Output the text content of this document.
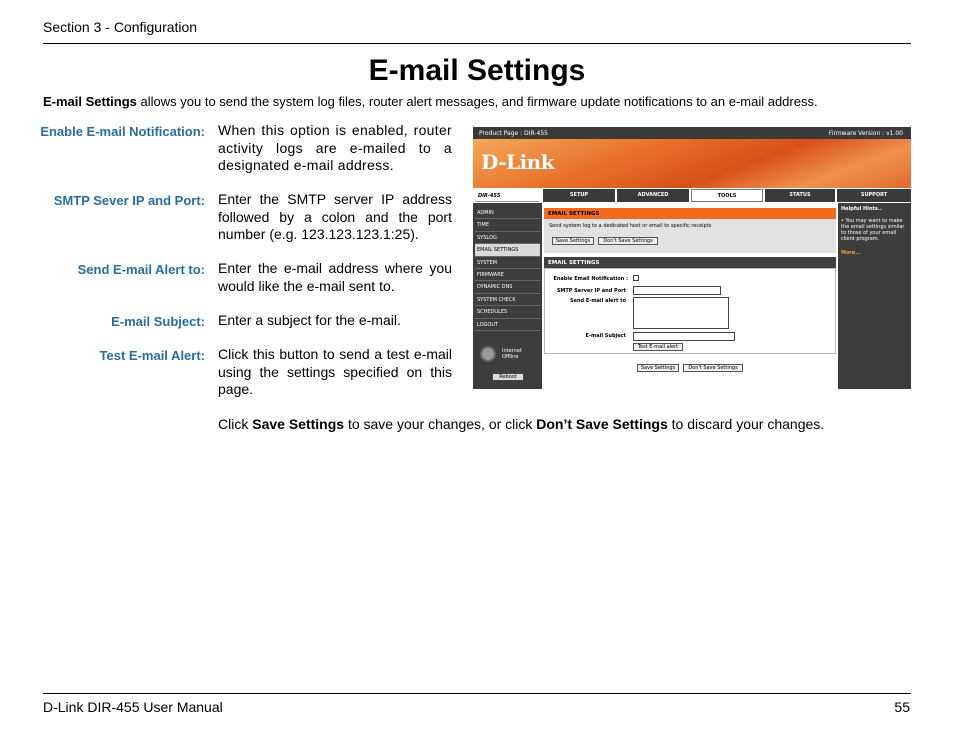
Section 3 - Configuration
E-mail Settings

E-mail Settings allows you to send the system log files, router alert messages, and firmware update notifications to an e-mail address.

Enable E-mail Notification: When this option is enabled, router activity logs are e-mailed to a designated e-mail address.
SMTP Sever IP and Port: Enter the SMTP server IP address followed by a colon and the port number (e.g. 123.123.123.1:25).
Send E-mail Alert to: Enter the e-mail address where you would like the e-mail sent to.
E-mail Subject: Enter a subject for the e-mail.
Test E-mail Alert: Click this button to send a test e-mail using the settings specified on this page.

Click Save Settings to save your changes, or click Don’t Save Settings to discard your changes.

Product Page : DIR-455	Firmware Version : v1.00
D-Link
DIR-455	SETUP	ADVANCED	TOOLS	STATUS	SUPPORT
ADMIN
TIME
SYSLOG
EMAIL SETTINGS
SYSTEM
FIRMWARE
DYNAMIC DNS
SYSTEM CHECK
SCHEDULES
LOGOUT
Internet
Offline
Reboot
EMAIL SETTINGS
Send system log to a dedicated host or email to specific receipts
Save Settings	Don't Save Settings
EMAIL SETTINGS
Enable Email Notification :
SMTP Server IP and Port
Send E-mail alert to
E-mail Subject
Test E-mail alert
Save Settings	Don't Save Settings
Helpful Hints..
• You may want to make the email settings similar to those of your email client program.
More...
D-Link DIR-455 User Manual	55
